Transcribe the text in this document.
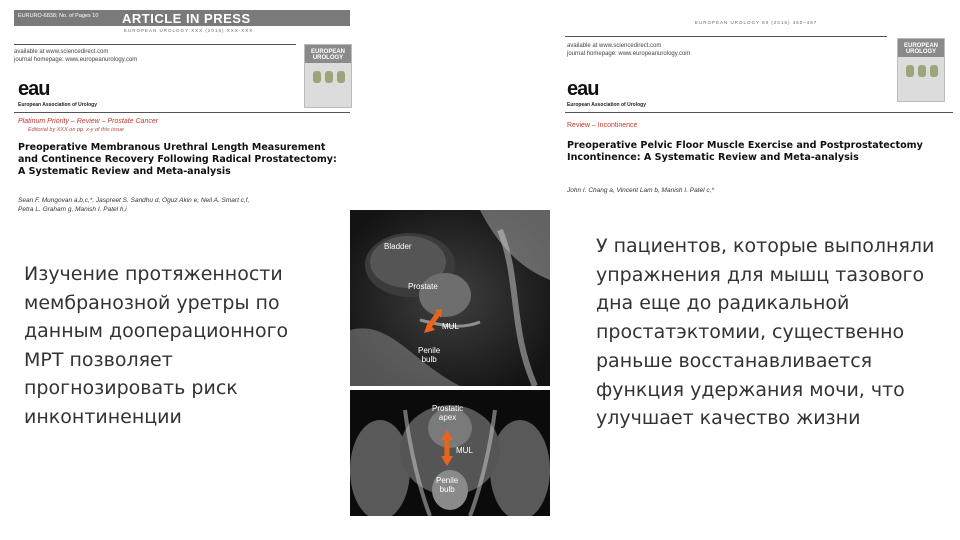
EURURO-6838; No. of Pages 10 ARTICLE IN PRESS
EUROPEAN UROLOGY XXX (2016) XXX-XXX
available at www.sciencedirect.com
journal homepage: www.europeanurology.com
EUROPEAN UROLOGY
eau
European Association of Urology
Platinum Priority – Review – Prostate Cancer
Editorial by XXX on pp. x-y of this issue
Preoperative Membranous Urethral Length Measurement
and Continence Recovery Following Radical Prostatectomy:
A Systematic Review and Meta-analysis
Sean F. Mungovan a,b,c,*, Jaspreet S. Sandhu d, Oguz Akin e, Neil A. Smart c,f,
Petra L. Graham g, Manish I. Patel h,i
EUROPEAN UROLOGY 69 (2016) 460–467
available at www.sciencedirect.com
journal homepage: www.europeanurology.com
EUROPEAN UROLOGY
eau
European Association of Urology
Review – Incontinence
Preoperative Pelvic Floor Muscle Exercise and Postprostatectomy
Incontinence: A Systematic Review and Meta-analysis
John I. Chang a, Vincent Lam b, Manish I. Patel c,*
Изучение протяженности мембранозной уретры по данным дооперационного МРТ позволяет прогнозировать риск инконтиненции
Bladder
Prostate
MUL
Penile
bulb
Prostatic
apex
MUL
Penile
bulb
У пациентов, которые выполняли упражнения для мышц тазового дна еще до радикальной простатэктомии, существенно раньше восстанавливается функция удержания мочи, что улучшает качество жизни
